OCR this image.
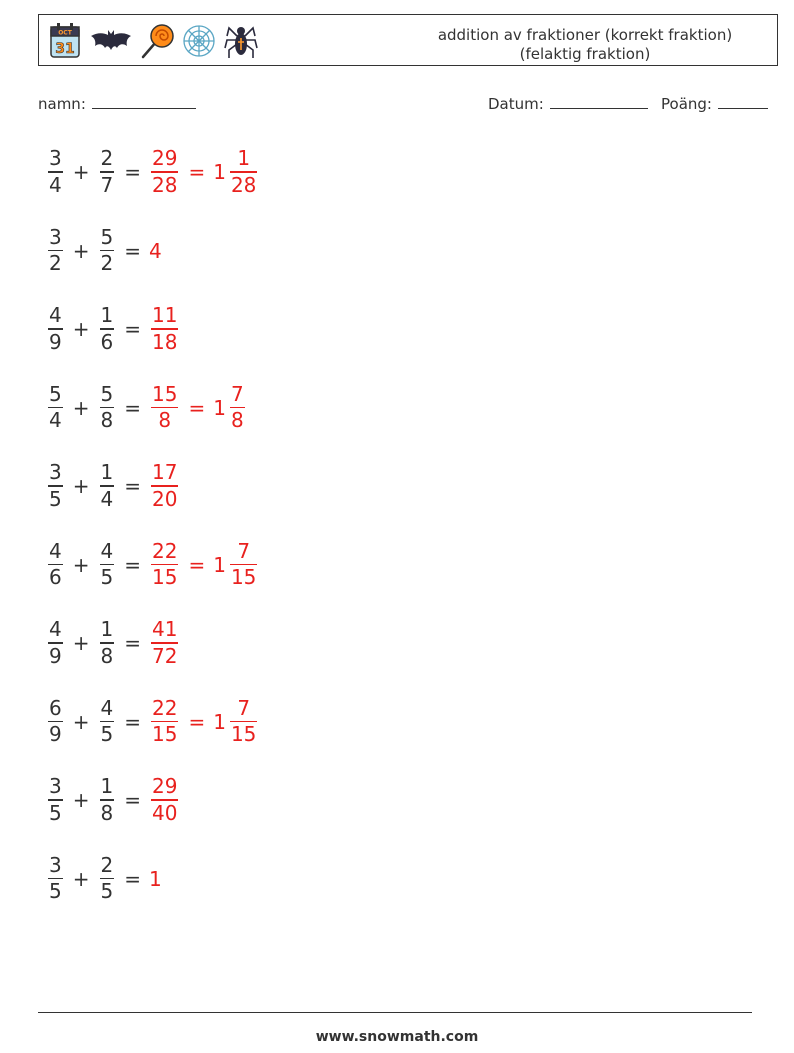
OCT
31
addition av fraktioner (korrekt fraktion)
(felaktig fraktion)
namn:	Datum:	Poäng:
$\frac{3}{4} + \frac{2}{7} = \frac{29}{28} = 1 \frac{1}{28}$
$\frac{3}{2} + \frac{5}{2} = 4$
$\frac{4}{9} + \frac{1}{6} = \frac{11}{18}$
$\frac{5}{4} + \frac{5}{8} = \frac{15}{8} = 1 \frac{7}{8}$
$\frac{3}{5} + \frac{1}{4} = \frac{17}{20}$
$\frac{4}{6} + \frac{4}{5} = \frac{22}{15} = 1 \frac{7}{15}$
$\frac{4}{9} + \frac{1}{8} = \frac{41}{72}$
$\frac{6}{9} + \frac{4}{5} = \frac{22}{15} = 1 \frac{7}{15}$
$\frac{3}{5} + \frac{1}{8} = \frac{29}{40}$
$\frac{3}{5} + \frac{2}{5} = 1$
www.snowmath.com
